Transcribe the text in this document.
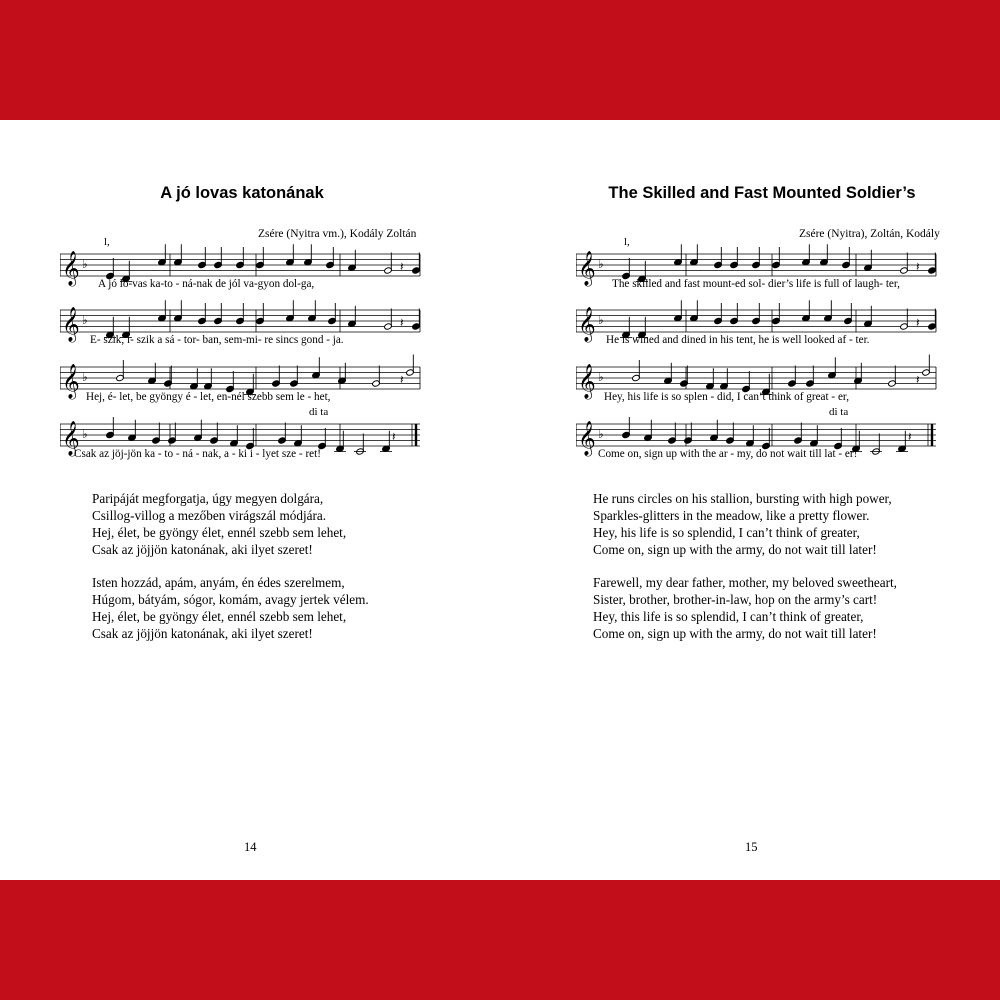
A jó lovas katonának
Zsére (Nyitra vm.), Kodály Zoltán
𝄞 ♭
𝄞 ♭
𝄞 ♭
𝄞 ♭
𝄽
𝄽
𝄽
𝄽
l,
di ta
A jó lo-vas ka-to - ná-nak de jól va-gyon dol-ga,
E- szik, i- szik a sá - tor- ban, sem-mi- re sincs gond - ja.
Hej, é- let, be gyöngy é - let, en-nél szebb sem le - het,
Csak az jöj-jön ka - to - ná - nak, a - ki i - lyet sze - ret!
Paripáját megforgatja, úgy megyen dolgára,
Csillog-villog a mezőben virágszál módjára.
Hej, élet, be gyöngy élet, ennél szebb sem lehet,
Csak az jöjjön katonának, aki ilyet szeret!
Isten hozzád, apám, anyám, én édes szerelmem,
Húgom, bátyám, sógor, komám, avagy jertek vélem.
Hej, élet, be gyöngy élet, ennél szebb sem lehet,
Csak az jöjjön katonának, aki ilyet szeret!
14
The Skilled and Fast Mounted Soldier’s
Zsére (Nyitra), Zoltán, Kodály
𝄞 ♭
𝄞 ♭
𝄞 ♭
𝄞 ♭
𝄽
𝄽
𝄽
𝄽
l,
di ta
The skilled and fast mount-ed sol- dier’s life is full of laugh- ter,
He is wined and dined in his tent, he is well looked af - ter.
Hey, his life is so splen - did, I can’t think of great - er,
Come on, sign up with the ar - my, do not wait till lat - er!
He runs circles on his stallion, bursting with high power,
Sparkles-glitters in the meadow, like a pretty flower.
Hey, his life is so splendid, I can’t think of greater,
Come on, sign up with the army, do not wait till later!
Farewell, my dear father, mother, my beloved sweetheart,
Sister, brother, brother-in-law, hop on the army’s cart!
Hey, this life is so splendid, I can’t think of greater,
Come on, sign up with the army, do not wait till later!
15
